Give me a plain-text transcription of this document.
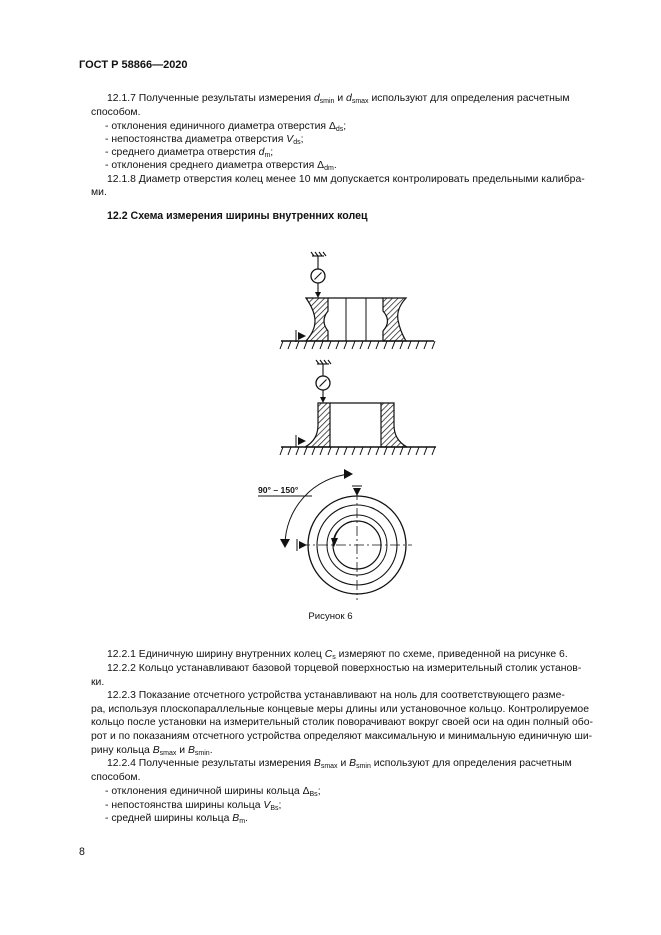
ГОСТ Р 58866—2020
12.1.7 Полученные результаты измерения $d_{smin}$ и $d_{smax}$ используют для определения расчетным
способом.
- отклонения единичного диаметра отверстия $\Delta_{ds}$;
- непостоянства диаметра отверстия $V_{ds}$;
- среднего диаметра отверстия $d_m$;
- отклонения среднего диаметра отверстия $\Delta_{dm}$.
12.1.8 Диаметр отверстия колец менее 10 мм допускается контролировать предельными калибра-
ми.
12.2 Схема измерения ширины внутренних колец
90° – 150°
Рисунок 6
12.2.1 Единичную ширину внутренних колец $C_s$ измеряют по схеме, приведенной на рисунке 6.
12.2.2 Кольцо устанавливают базовой торцевой поверхностью на измерительный столик установ-
ки.
12.2.3 Показание отсчетного устройства устанавливают на ноль для соответствующего разме-
ра, используя плоскопараллельные концевые меры длины или установочное кольцо. Контролируемое
кольцо после установки на измерительный столик поворачивают вокруг своей оси на один полный обо-
рот и по показаниям отсчетного устройства определяют максимальную и минимальную единичную ши-
рину кольца $B_{smax}$ и $B_{smin}$.
12.2.4 Полученные результаты измерения $B_{smax}$ и $B_{smin}$ используют для определения расчетным
способом.
- отклонения единичной ширины кольца $\Delta_{Bs}$;
- непостоянства ширины кольца $V_{Bs}$;
- средней ширины кольца $B_m$.
8
